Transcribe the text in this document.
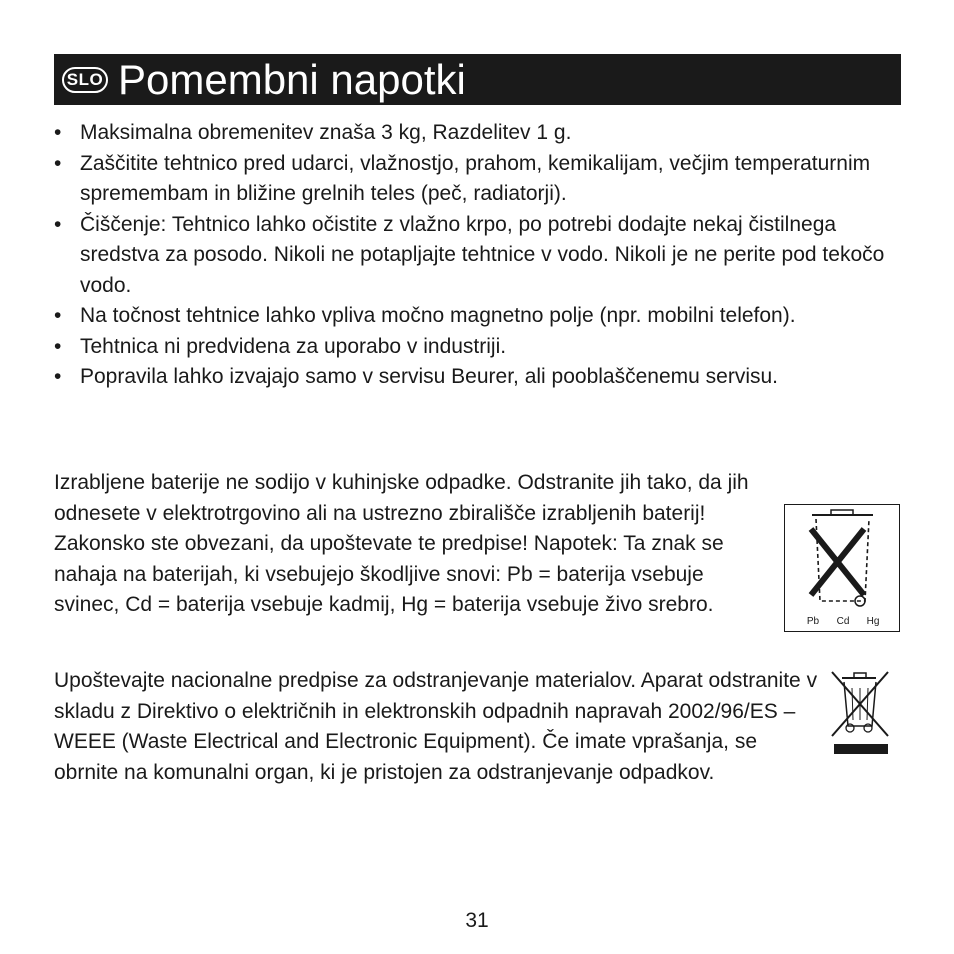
SLO Pomembni napotki
• Maksimalna obremenitev znaša 3 kg, Razdelitev 1 g.
• Zaščitite tehtnico pred udarci, vlažnostjo, prahom, kemikalijam, večjim temperaturnim spremembam in bližine grelnih teles (peč, radiatorji).
• Čiščenje: Tehtnico lahko očistite z vlažno krpo, po potrebi dodajte nekaj čistilnega sredstva za posodo. Nikoli ne potapljajte tehtnice v vodo. Nikoli je ne perite pod tekočo vodo.
• Na točnost tehtnice lahko vpliva močno magnetno polje (npr. mobilni telefon).
• Tehtnica ni predvidena za uporabo v industriji.
• Popravila lahko izvajajo samo v servisu Beurer, ali pooblaščenemu servisu.

Izrabljene baterije ne sodijo v kuhinjske odpadke. Odstranite jih tako, da jih
odnesete v elektrotrgovino ali na ustrezno zbirališče izrabljenih baterij! Zakonsko ste obvezani, da upoštevate te predpise! Napotek: Ta znak se nahaja na baterijah, ki vsebujejo škodljive snovi: Pb = baterija vsebuje svinec, Cd = baterija vsebuje kadmij, Hg = baterija vsebuje živo srebro.

Pb Cd Hg

Upoštevajte nacionalne predpise za odstranjevanje materialov. Aparat odstranite v skladu z Direktivo o električnih in elektronskih odpadnih napravah 2002/96/ES – WEEE (Waste Electrical and Electronic Equipment). Če imate vprašanja, se obrnite na komunalni organ, ki je pristojen za odstranjevanje odpadkov.

31
